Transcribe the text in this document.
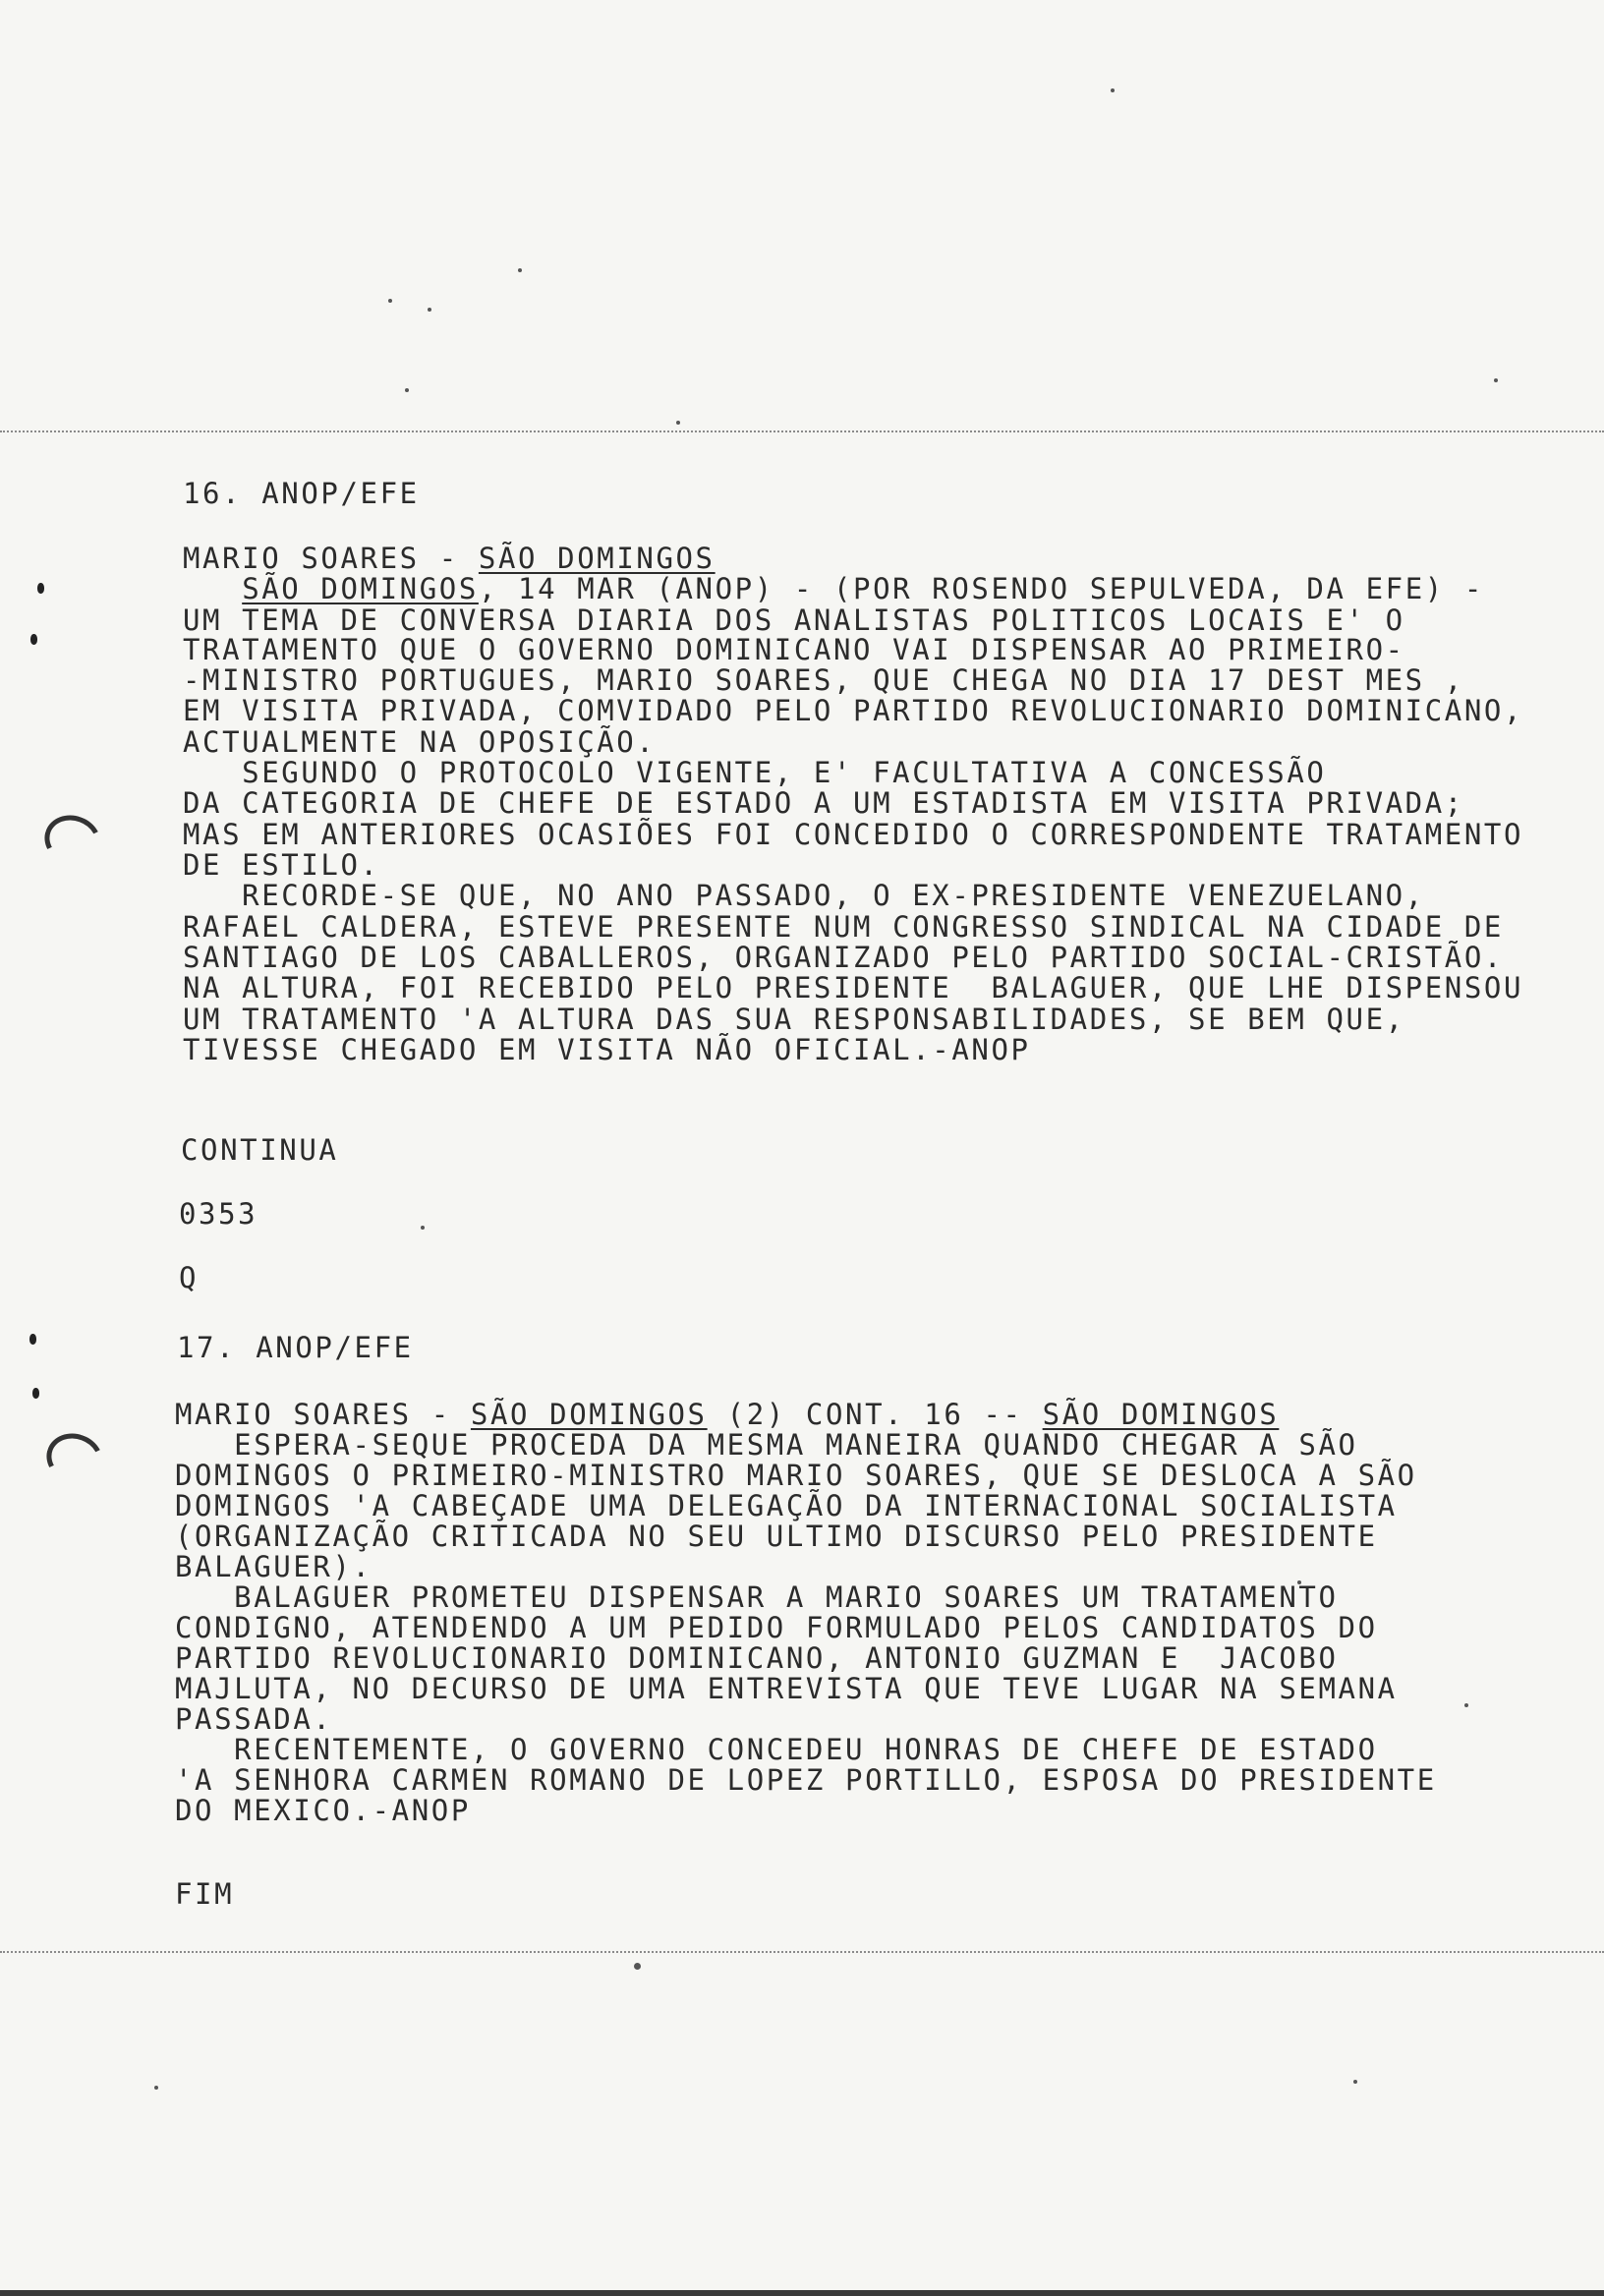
16. ANOP/EFE
MARIO SOARES - SÃO DOMINGOS
SÃO DOMINGOS, 14 MAR (ANOP) - (POR ROSENDO SEPULVEDA, DA EFE) -
UM TEMA DE CONVERSA DIARIA DOS ANALISTAS POLITICOS LOCAIS E' O
TRATAMENTO QUE O GOVERNO DOMINICANO VAI DISPENSAR AO PRIMEIRO-
-MINISTRO PORTUGUES, MARIO SOARES, QUE CHEGA NO DIA 17 DEST MES ,
EM VISITA PRIVADA, COMVIDADO PELO PARTIDO REVOLUCIONARIO DOMINICANO,
ACTUALMENTE NA OPOSIÇÃO.
SEGUNDO O PROTOCOLO VIGENTE, E' FACULTATIVA A CONCESSÃO
DA CATEGORIA DE CHEFE DE ESTADO A UM ESTADISTA EM VISITA PRIVADA;
MAS EM ANTERIORES OCASIÕES FOI CONCEDIDO O CORRESPONDENTE TRATAMENTO
DE ESTILO.
RECORDE-SE QUE, NO ANO PASSADO, O EX-PRESIDENTE VENEZUELANO,
RAFAEL CALDERA, ESTEVE PRESENTE NUM CONGRESSO SINDICAL NA CIDADE DE
SANTIAGO DE LOS CABALLEROS, ORGANIZADO PELO PARTIDO SOCIAL-CRISTÃO.
NA ALTURA, FOI RECEBIDO PELO PRESIDENTE  BALAGUER, QUE LHE DISPENSOU
UM TRATAMENTO 'A ALTURA DAS SUA RESPONSABILIDADES, SE BEM QUE,
TIVESSE CHEGADO EM VISITA NÃO OFICIAL.-ANOP
CONTINUA
0353
Q
17. ANOP/EFE
MARIO SOARES - SÃO DOMINGOS (2) CONT. 16 -- SÃO DOMINGOS
ESPERA-SEQUE PROCEDA DA MESMA MANEIRA QUANDO CHEGAR A SÃO
DOMINGOS O PRIMEIRO-MINISTRO MARIO SOARES, QUE SE DESLOCA A SÃO
DOMINGOS 'A CABEÇADE UMA DELEGAÇÃO DA INTERNACIONAL SOCIALISTA
(ORGANIZAÇÃO CRITICADA NO SEU ULTIMO DISCURSO PELO PRESIDENTE
BALAGUER).
BALAGUER PROMETEU DISPENSAR A MARIO SOARES UM TRATAMENTO
CONDIGNO, ATENDENDO A UM PEDIDO FORMULADO PELOS CANDIDATOS DO
PARTIDO REVOLUCIONARIO DOMINICANO, ANTONIO GUZMAN E  JACOBO
MAJLUTA, NO DECURSO DE UMA ENTREVISTA QUE TEVE LUGAR NA SEMANA
PASSADA.
RECENTEMENTE, O GOVERNO CONCEDEU HONRAS DE CHEFE DE ESTADO
'A SENHORA CARMEN ROMANO DE LOPEZ PORTILLO, ESPOSA DO PRESIDENTE
DO MEXICO.-ANOP
FIM
